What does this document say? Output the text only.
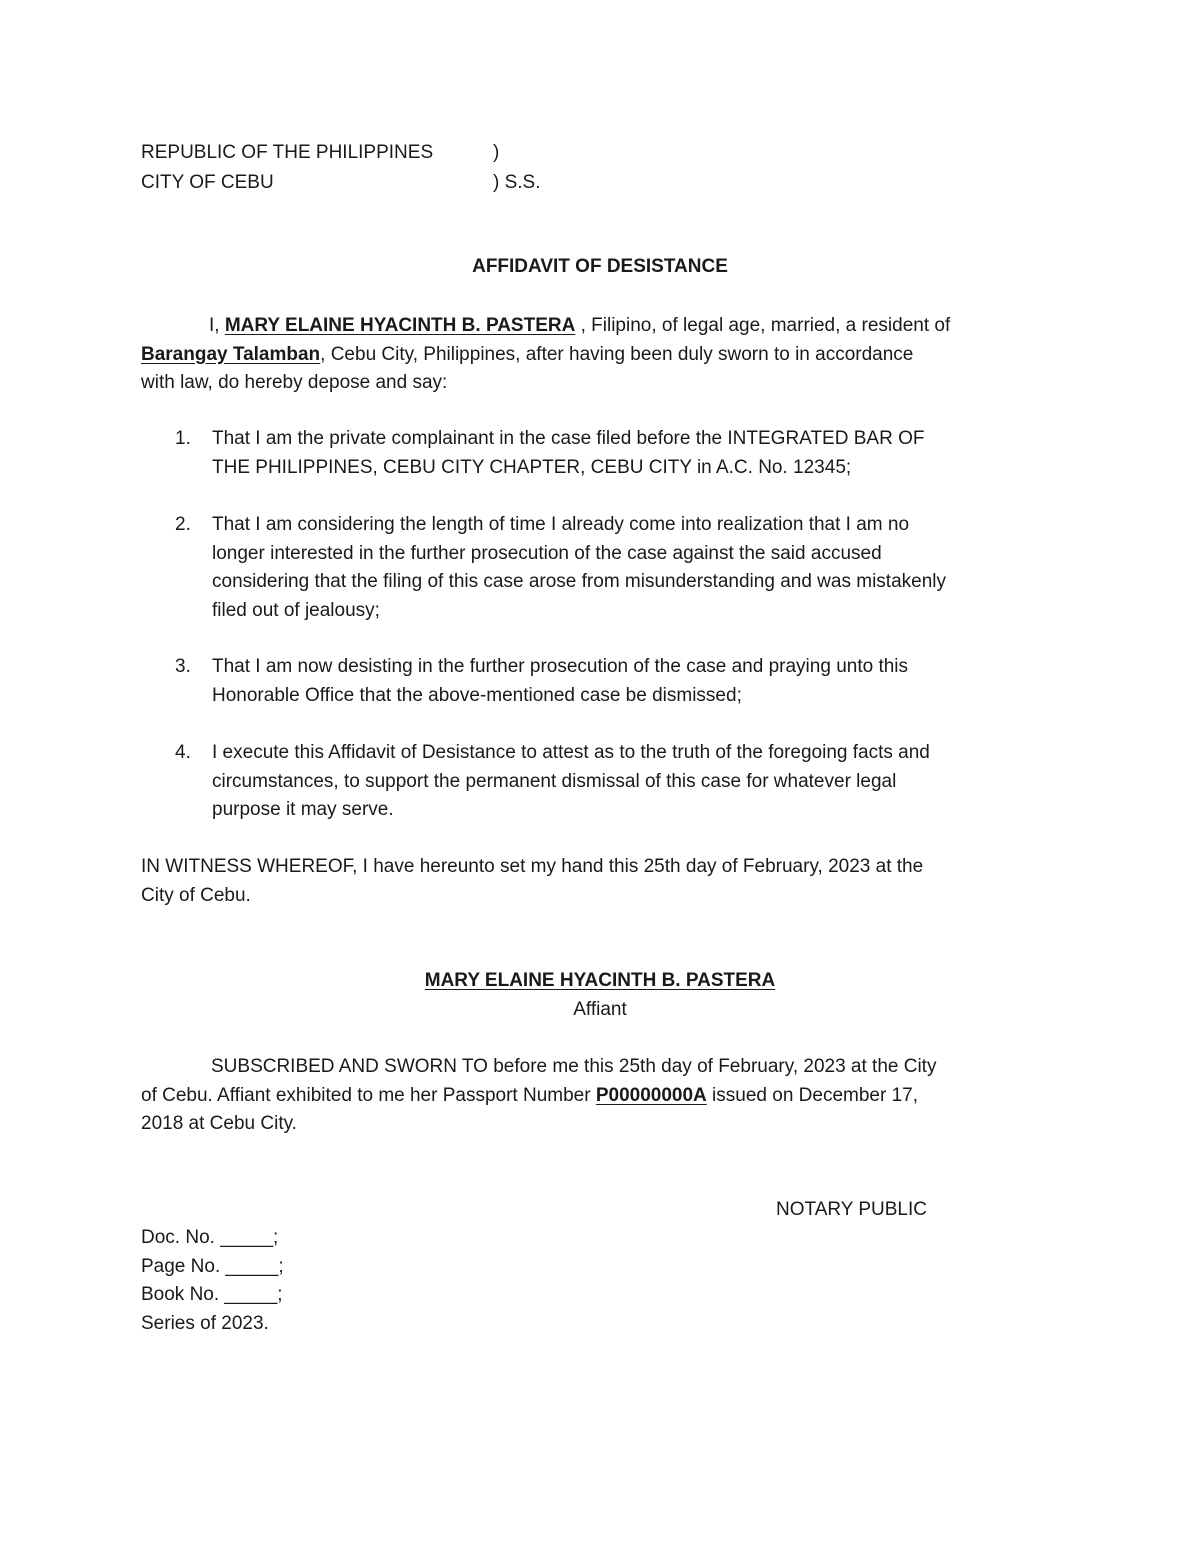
REPUBLIC OF THE PHILIPPINES	)
CITY OF CEBU	) S.S.
AFFIDAVIT OF DESISTANCE
I, MARY ELAINE HYACINTH B. PASTERA , Filipino, of legal age, married, a resident of
Barangay Talamban, Cebu City, Philippines, after having been duly sworn to in accordance
with law, do hereby depose and say:
1. That I am the private complainant in the case filed before the INTEGRATED BAR OF
THE PHILIPPINES, CEBU CITY CHAPTER, CEBU CITY in A.C. No. 12345;
2. That I am considering the length of time I already come into realization that I am no
longer interested in the further prosecution of the case against the said accused
considering that the filing of this case arose from misunderstanding and was mistakenly
filed out of jealousy;
3. That I am now desisting in the further prosecution of the case and praying unto this
Honorable Office that the above-mentioned case be dismissed;
4. I execute this Affidavit of Desistance to attest as to the truth of the foregoing facts and
circumstances, to support the permanent dismissal of this case for whatever legal
purpose it may serve.
IN WITNESS WHEREOF, I have hereunto set my hand this 25th day of February, 2023 at the
City of Cebu.
MARY ELAINE HYACINTH B. PASTERA
Affiant
SUBSCRIBED AND SWORN TO before me this 25th day of February, 2023 at the City
of Cebu. Affiant exhibited to me her Passport Number P00000000A issued on December 17,
2018 at Cebu City.
NOTARY PUBLIC
Doc. No. _____;
Page No. _____;
Book No. _____;
Series of 2023.
